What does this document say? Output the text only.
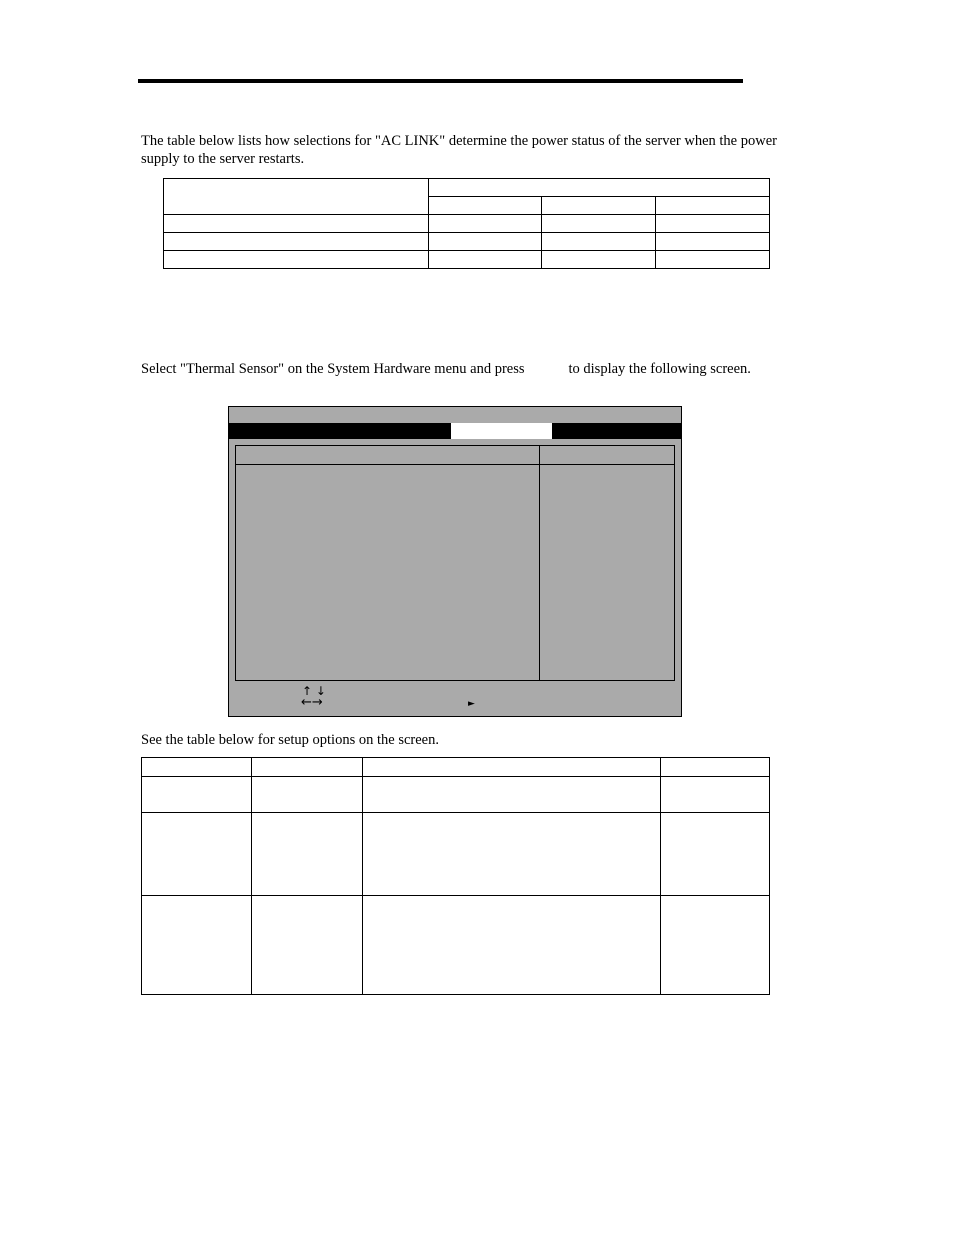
The table below lists how selections for "AC LINK" determine the power status of the server when the power supply to the server restarts.

Select "Thermal Sensor" on the System Hardware menu and press	to display the following screen.

↑ ↓
←→	►

See the table below for setup options on the screen.
